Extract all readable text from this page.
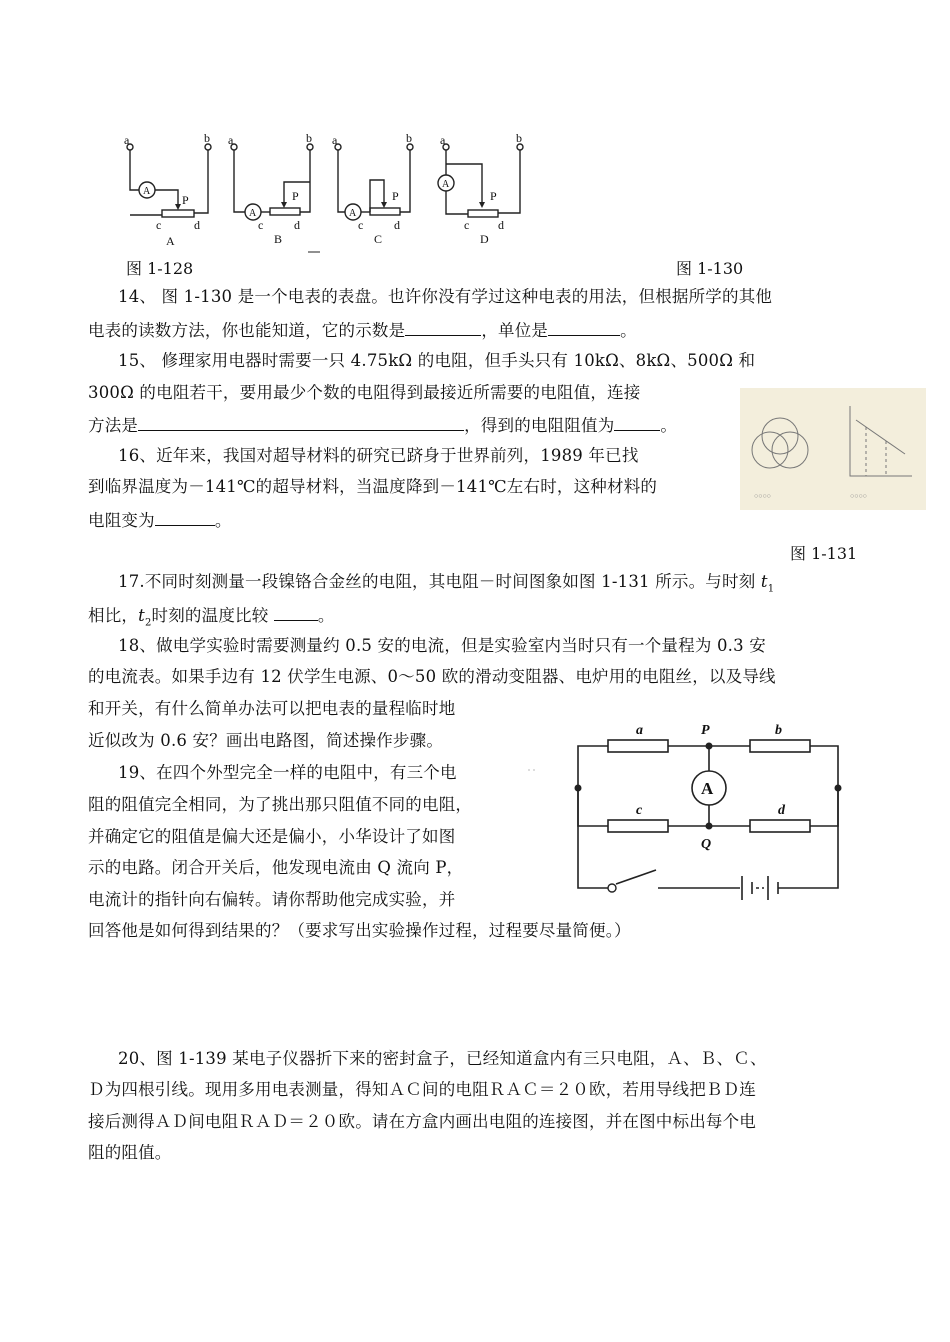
a	b
A
P
c	d
A
a	b
A
P
c	d
B
a	b
A
P
c	d
C
a	b
A
P
c d
D
图 1-128	图 1-130
14、 图 1-130 是一个电表的表盘。也许你没有学过这种电表的用法，但根据所学的其他
电表的读数方法，你也能知道，它的示数是	，单位是	。
15、 修理家用电器时需要一只 4.75kΩ 的电阻，但手头只有 10kΩ、8kΩ、500Ω 和
300Ω 的电阻若干，要用最少个数的电阻得到最接近所需要的电阻值，连接
方法是	，得到的电阻阻值为	。
○○○○	○○○○
16、近年来，我国对超导材料的研究已跻身于世界前列，1989 年已找
到临界温度为－141℃的超导材料，当温度降到－141℃左右时，这种材料的
电阻变为	。
图 1-131
17.不同时刻测量一段镍铬合金丝的电阻，其电阻－时间图象如图 1-131 所示。与时刻 $t_1$
相比，$t_2$时刻的温度比较	。
18、做电学实验时需要测量约 0.5 安的电流，但是实验室内当时只有一个量程为 0.3 安
的电流表。如果手边有 12 伏学生电源、0～50 欧的滑动变阻器、电炉用的电阻丝，以及导线
和开关，有什么简单办法可以把电表的量程临时地
近似改为 0.6 安？画出电路图，简述操作步骤。
a	b
c	d
P
Q
A
19、在四个外型完全一样的电阻中，有三个电
阻的阻值完全相同，为了挑出那只阻值不同的电阻，
并确定它的阻值是偏大还是偏小，小华设计了如图
示的电路。闭合开关后，他发现电流由 Q 流向 P，
电流计的指针向右偏转。请你帮助他完成实验，并
回答他是如何得到结果的？（要求写出实验操作过程，过程要尽量简便。）
20、图 1-139 某电子仪器折下来的密封盒子，已经知道盒内有三只电阻，Ａ、Ｂ、Ｃ、
Ｄ为四根引线。现用多用电表测量，得知ＡＣ间的电阻ＲＡＣ＝２０欧，若用导线把ＢＤ连
接后测得ＡＤ间电阻ＲＡＤ＝２０欧。请在方盒内画出电阻的连接图，并在图中标出每个电
阻的阻值。
